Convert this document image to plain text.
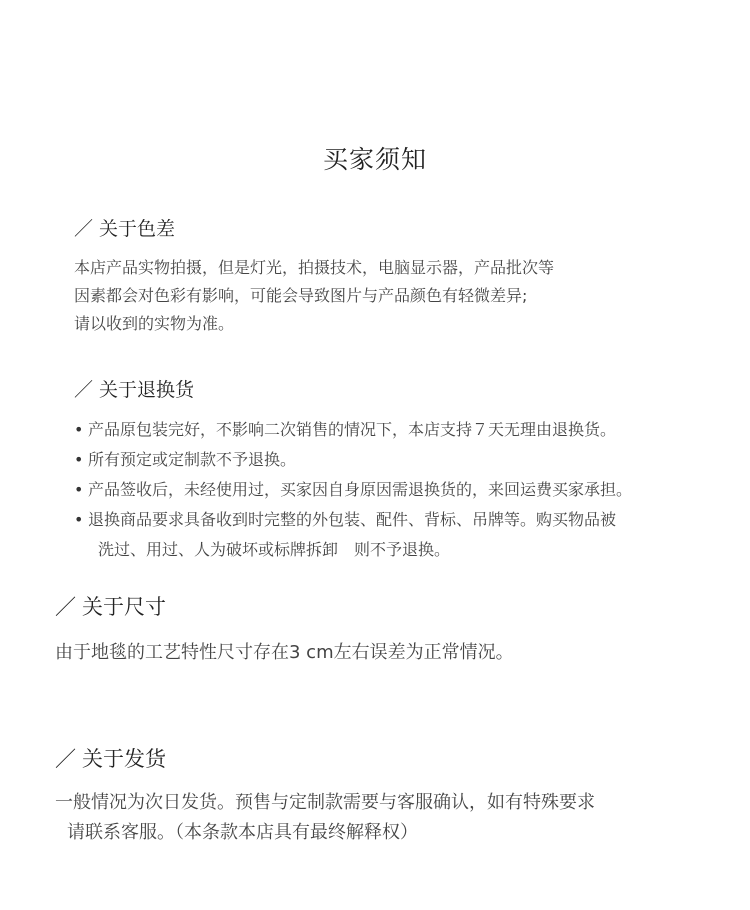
买家须知
／ 关于色差

本店产品实物拍摄，但是灯光，拍摄技术，电脑显示器，产品批次等

因素都会对色彩有影响，可能会导致图片与产品颜色有轻微差异;

请以收到的实物为准。

／ 关于退换货
• 产品原包装完好，不影响二次销售的情况下，本店支持７天无理由退换货。
• 所有预定或定制款不予退换。
• 产品签收后，未经使用过，买家因自身原因需退换货的，来回运费买家承担。
• 退换商品要求具备收到时完整的外包装、配件、背标、吊牌等。购买物品被
洗过、用过、人为破坏或标牌拆卸　则不予退换。
／ 关于尺寸

由于地毯的工艺特性尺寸存在3 cm左右误差为正常情况。

／ 关于发货

一般情况为次日发货。预售与定制款需要与客服确认，如有特殊要求

请联系客服。（本条款本店具有最终解释权）
